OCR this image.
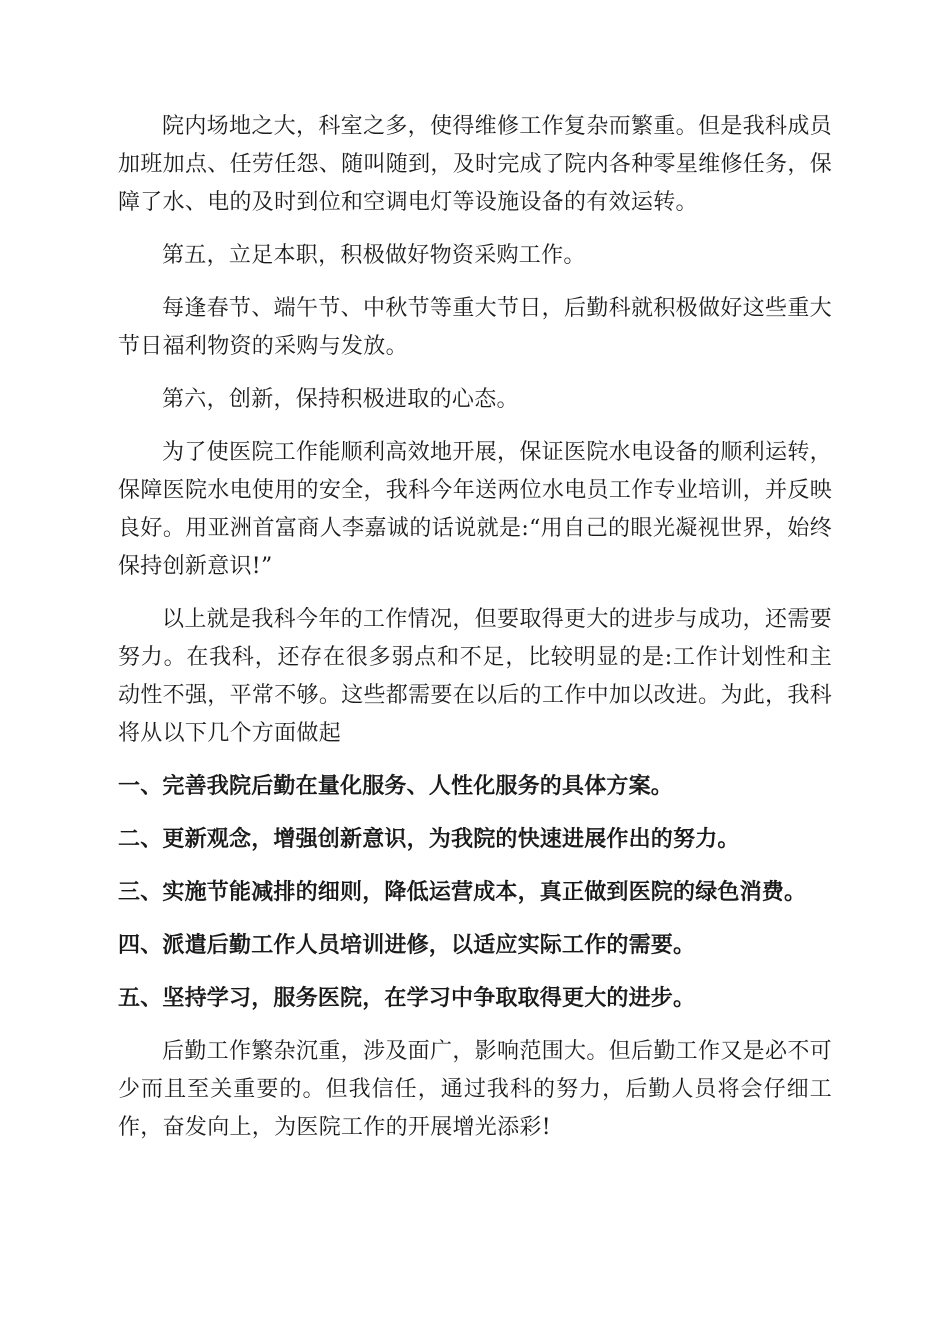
院内场地之大，科室之多，使得维修工作复杂而繁重。但是我科成员加班加点、任劳任怨、随叫随到，及时完成了院内各种零星维修任务，保障了水、电的及时到位和空调电灯等设施设备的有效运转。

第五，立足本职，积极做好物资采购工作。

每逢春节、端午节、中秋节等重大节日，后勤科就积极做好这些重大节日福利物资的采购与发放。

第六，创新，保持积极进取的心态。

为了使医院工作能顺利高效地开展，保证医院水电设备的顺利运转，保障医院水电使用的安全，我科今年送两位水电员工作专业培训，并反映良好。用亚洲首富商人李嘉诚的话说就是:“用自己的眼光凝视世界，始终保持创新意识!”

以上就是我科今年的工作情况，但要取得更大的进步与成功，还需要努力。在我科，还存在很多弱点和不足，比较明显的是:工作计划性和主动性不强，平常不够。这些都需要在以后的工作中加以改进。为此，我科将从以下几个方面做起

一、完善我院后勤在量化服务、人性化服务的具体方案。

二、更新观念，增强创新意识，为我院的快速进展作出的努力。

三、实施节能减排的细则，降低运营成本，真正做到医院的绿色消费。

四、派遣后勤工作人员培训进修，以适应实际工作的需要。

五、坚持学习，服务医院，在学习中争取取得更大的进步。

后勤工作繁杂沉重，涉及面广，影响范围大。但后勤工作又是必不可少而且至关重要的。但我信任，通过我科的努力，后勤人员将会仔细工作，奋发向上，为医院工作的开展增光添彩!
